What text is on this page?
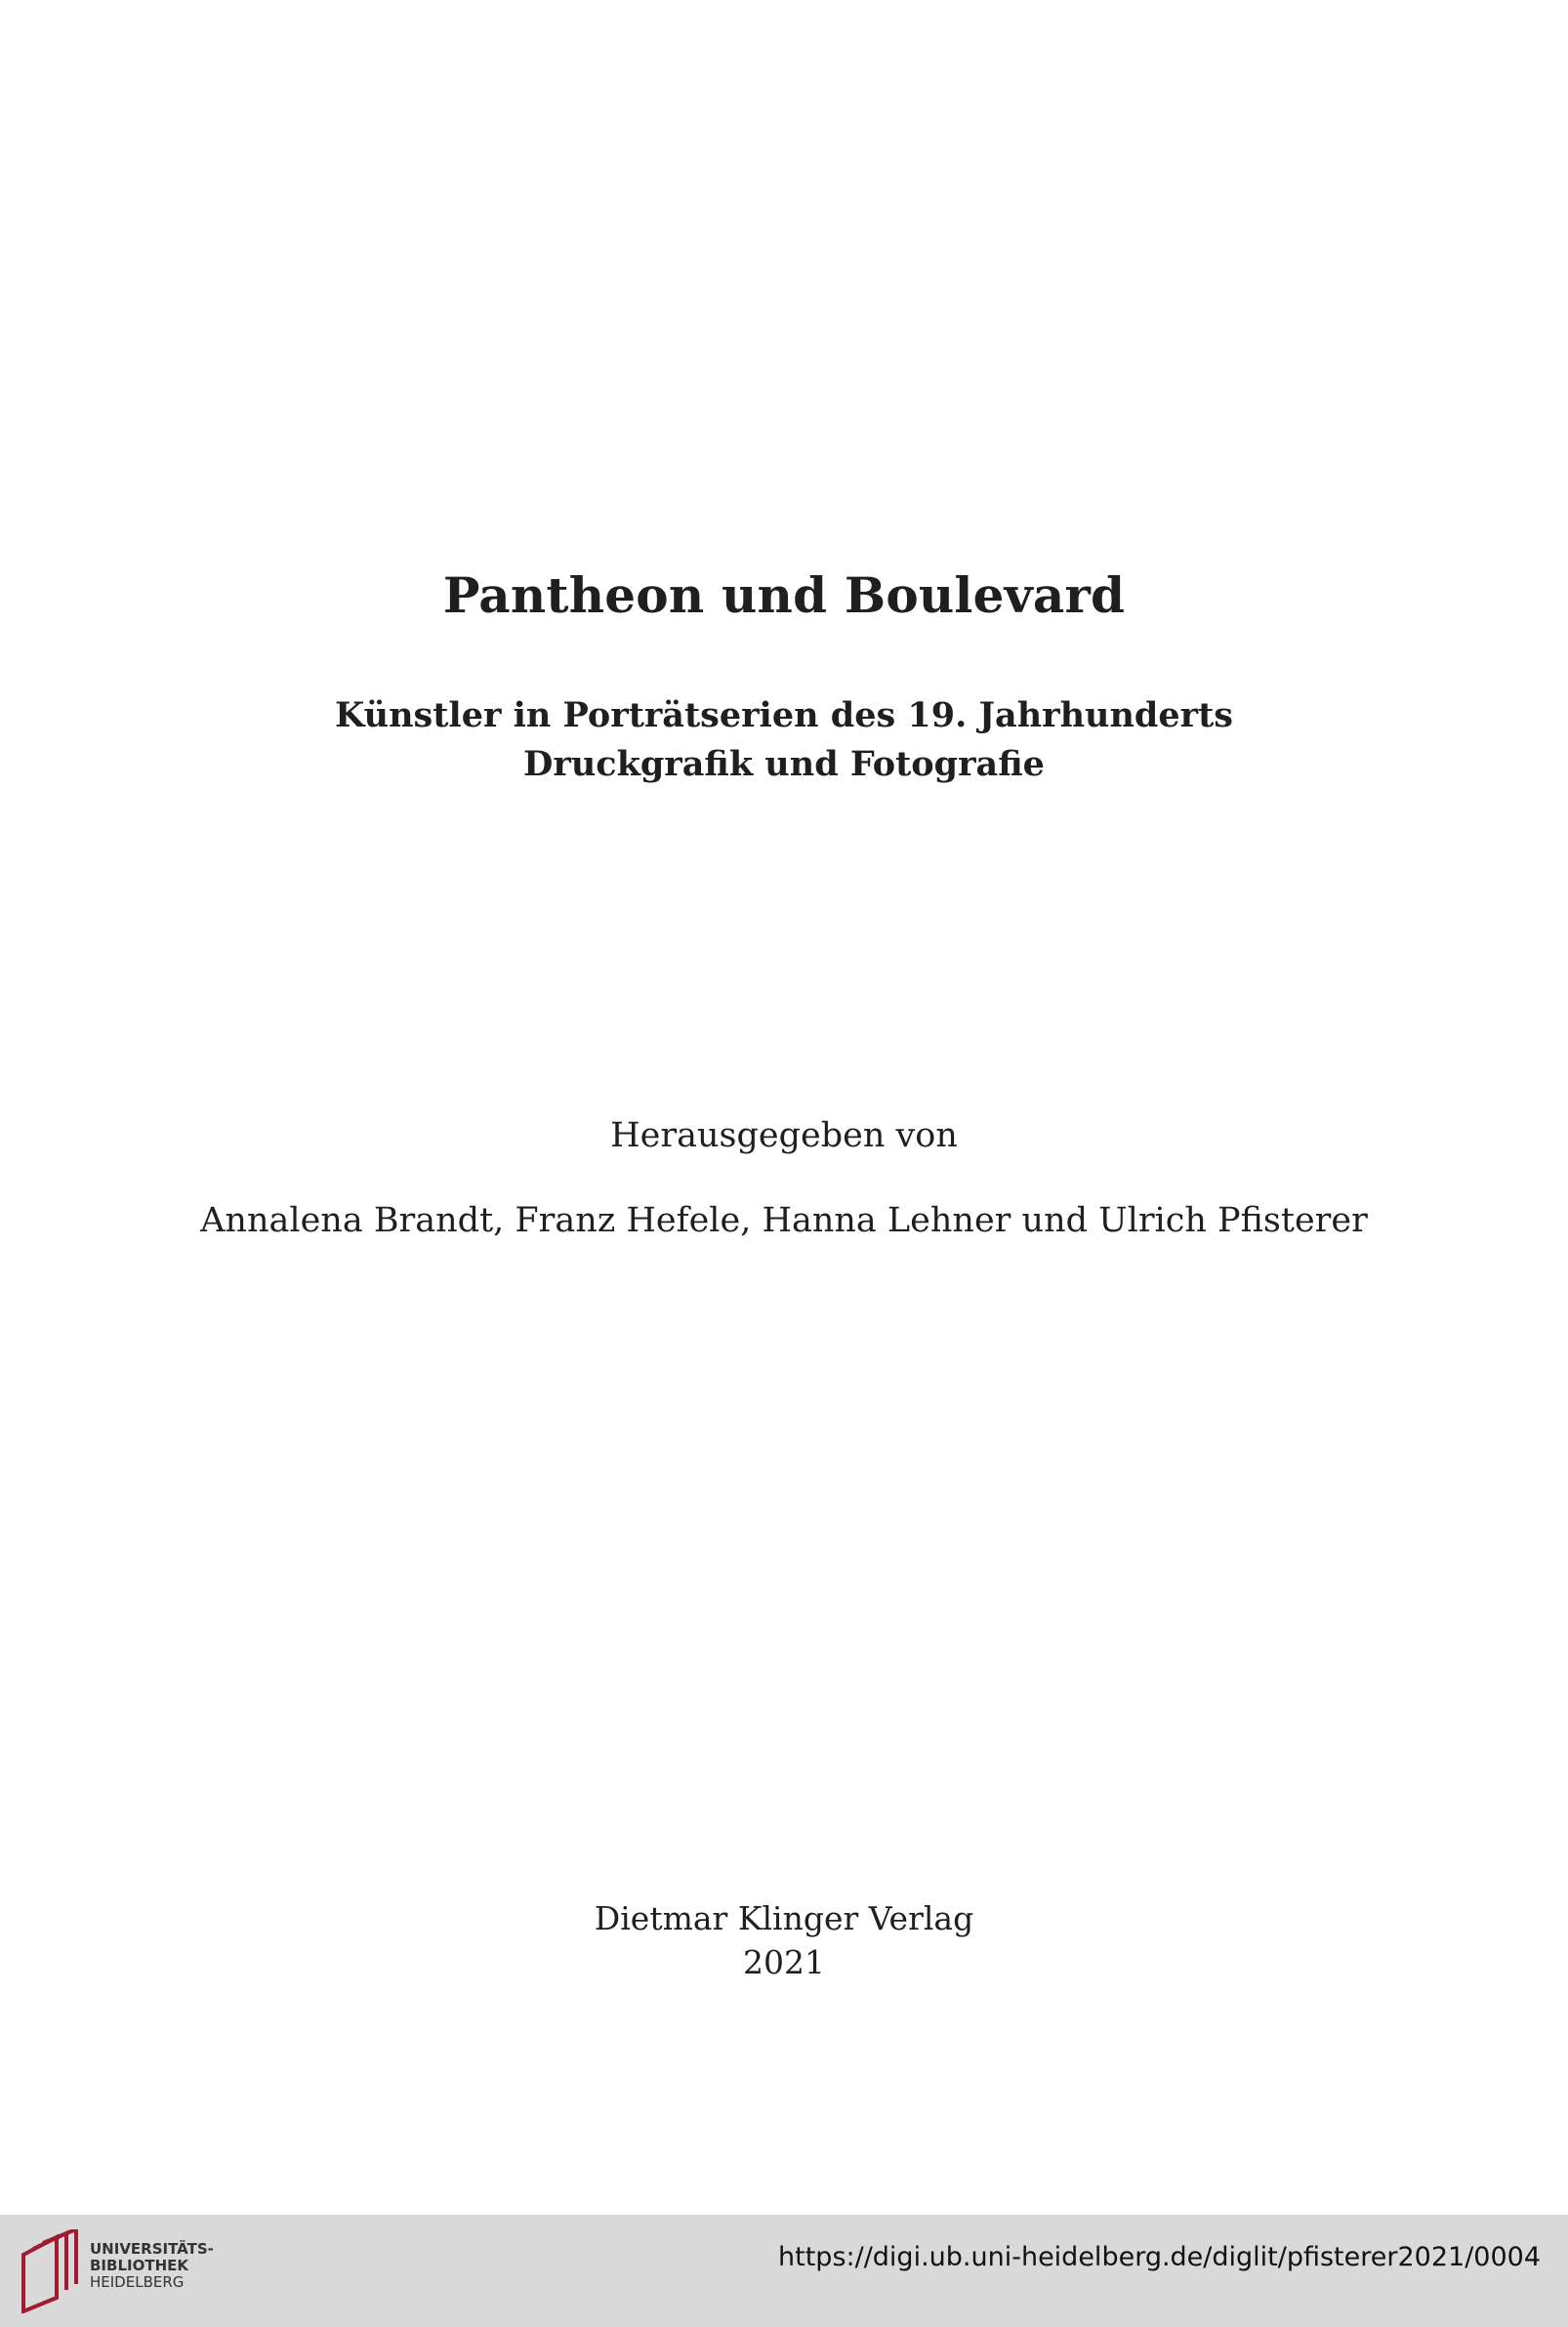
Pantheon und Boulevard
Künstler in Porträtserien des 19. Jahrhunderts
Druckgrafik und Fotografie
Herausgegeben von
Annalena Brandt, Franz Hefele, Hanna Lehner und Ulrich Pfisterer
Dietmar Klinger Verlag
2021
UNIVERSITÄTS-
BIBLIOTHEK
HEIDELBERG
https://digi.ub.uni-heidelberg.de/diglit/pfisterer2021/0004
